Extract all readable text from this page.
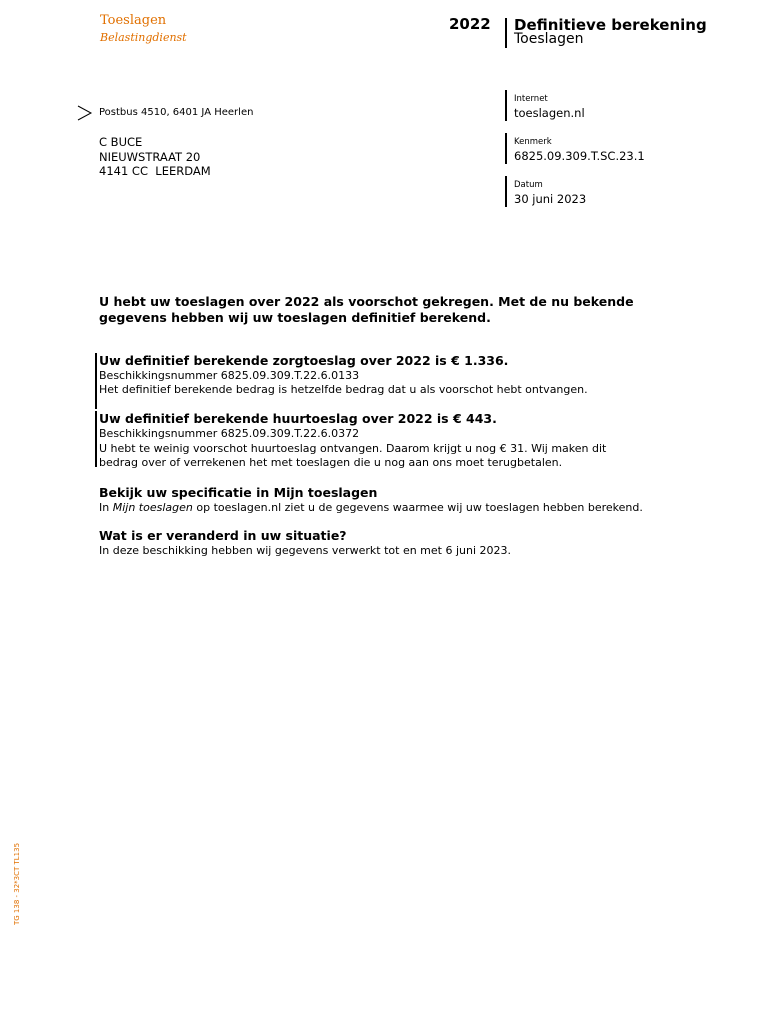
Toeslagen
Belastingdienst
2022 Definitieve berekening
Toeslagen
Postbus 4510, 6401 JA Heerlen
C BUCE
NIEUWSTRAAT 20
4141 CC  LEERDAM
Internet
toeslagen.nl
Kenmerk
6825.09.309.T.SC.23.1
Datum
30 juni 2023
U hebt uw toeslagen over 2022 als voorschot gekregen. Met de nu bekende gegevens hebben wij uw toeslagen definitief berekend.
Uw definitief berekende zorgtoeslag over 2022 is € 1.336.
Beschikkingsnummer 6825.09.309.T.22.6.0133
Het definitief berekende bedrag is hetzelfde bedrag dat u als voorschot hebt ontvangen.
Uw definitief berekende huurtoeslag over 2022 is € 443.
Beschikkingsnummer 6825.09.309.T.22.6.0372
U hebt te weinig voorschot huurtoeslag ontvangen. Daarom krijgt u nog € 31. Wij maken dit
bedrag over of verrekenen het met toeslagen die u nog aan ons moet terugbetalen.
Bekijk uw specificatie in Mijn toeslagen
In Mijn toeslagen op toeslagen.nl ziet u de gegevens waarmee wij uw toeslagen hebben berekend.
Wat is er veranderd in uw situatie?
In deze beschikking hebben wij gegevens verwerkt tot en met 6 juni 2023.
TG 138 - 32*3CT TL135
